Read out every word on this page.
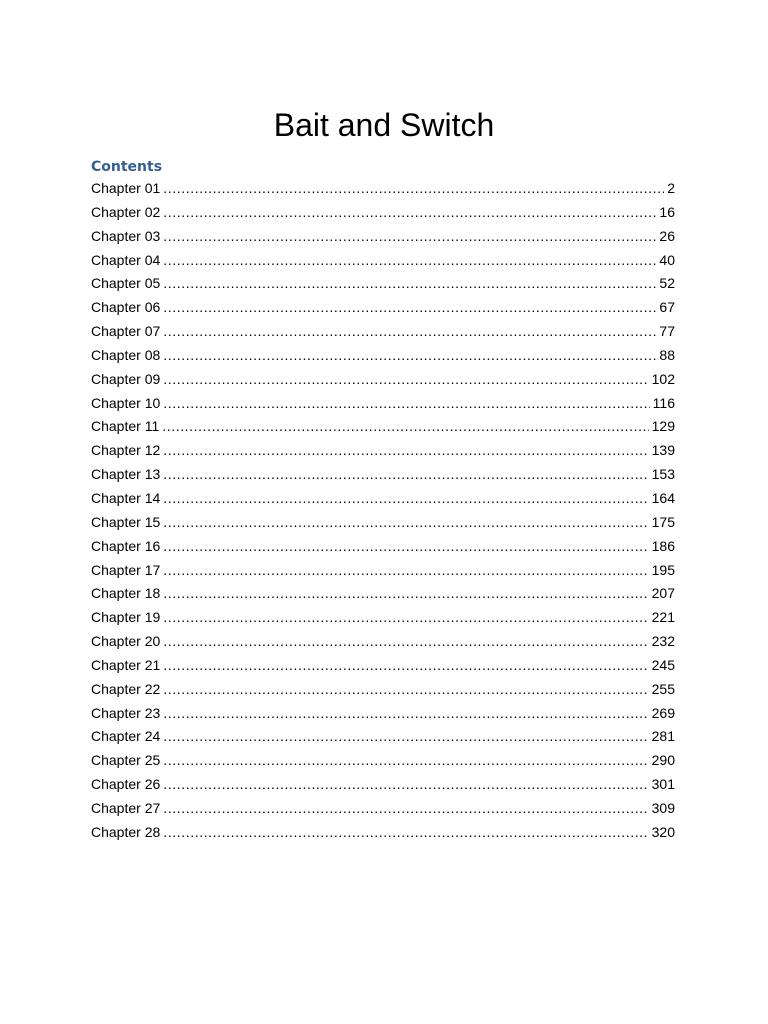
Bait and Switch
Contents
Chapter 01 .....	2
Chapter 02 .....	16
Chapter 03 .....	26
Chapter 04 .....	40
Chapter 05 .....	52
Chapter 06 .....	67
Chapter 07 .....	77
Chapter 08 .....	88
Chapter 09 .....	102
Chapter 10 .....	116
Chapter 11 .....	129
Chapter 12 .....	139
Chapter 13 .....	153
Chapter 14 .....	164
Chapter 15 .....	175
Chapter 16 .....	186
Chapter 17 .....	195
Chapter 18 .....	207
Chapter 19 .....	221
Chapter 20 .....	232
Chapter 21 .....	245
Chapter 22 .....	255
Chapter 23 .....	269
Chapter 24 .....	281
Chapter 25 .....	290
Chapter 26 .....	301
Chapter 27 .....	309
Chapter 28 .....	320
